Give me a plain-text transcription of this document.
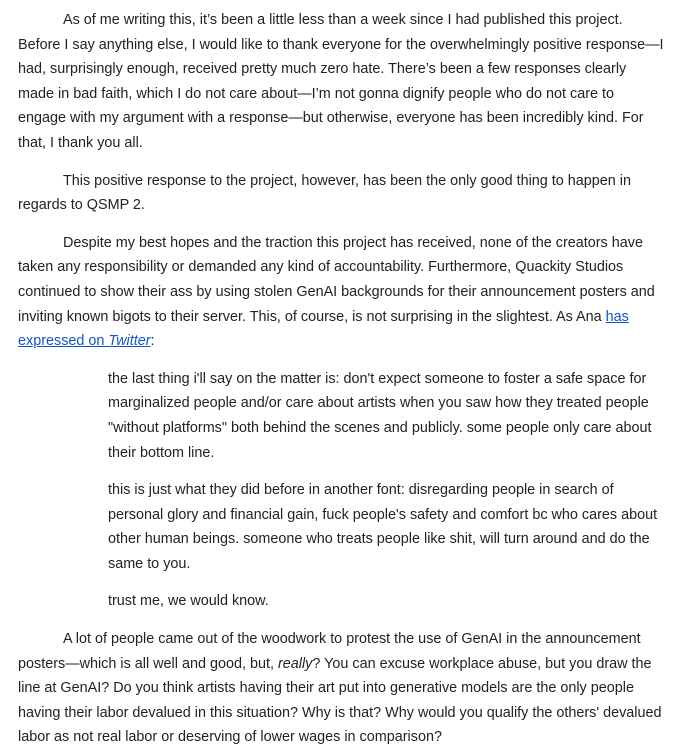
As of me writing this, it’s been a little less than a week since I had published this project. Before I say anything else, I would like to thank everyone for the overwhelmingly positive response—I had, surprisingly enough, received pretty much zero hate. There’s been a few responses clearly made in bad faith, which I do not care about—I’m not gonna dignify people who do not care to engage with my argument with a response—but otherwise, everyone has been incredibly kind. For that, I thank you all.

This positive response to the project, however, has been the only good thing to happen in regards to QSMP 2.

Despite my best hopes and the traction this project has received, none of the creators have taken any responsibility or demanded any kind of accountability. Furthermore, Quackity Studios continued to show their ass by using stolen GenAI backgrounds for their announcement posters and inviting known bigots to their server. This, of course, is not surprising in the slightest. As Ana has expressed on Twitter:

the last thing i'll say on the matter is: don't expect someone to foster a safe space for marginalized people and/or care about artists when you saw how they treated people "without platforms" both behind the scenes and publicly. some people only care about their bottom line.
this is just what they did before in another font: disregarding people in search of personal glory and financial gain, fuck people's safety and comfort bc who cares about other human beings. someone who treats people like shit, will turn around and do the same to you.
trust me, we would know.

A lot of people came out of the woodwork to protest the use of GenAI in the announcement posters—which is all well and good, but, really? You can excuse workplace abuse, but you draw the line at GenAI? Do you think artists having their art put into generative models are the only people having their labor devalued in this situation? Why is that? Why would you qualify the others' devalued labor as not real labor or deserving of lower wages in comparison?
